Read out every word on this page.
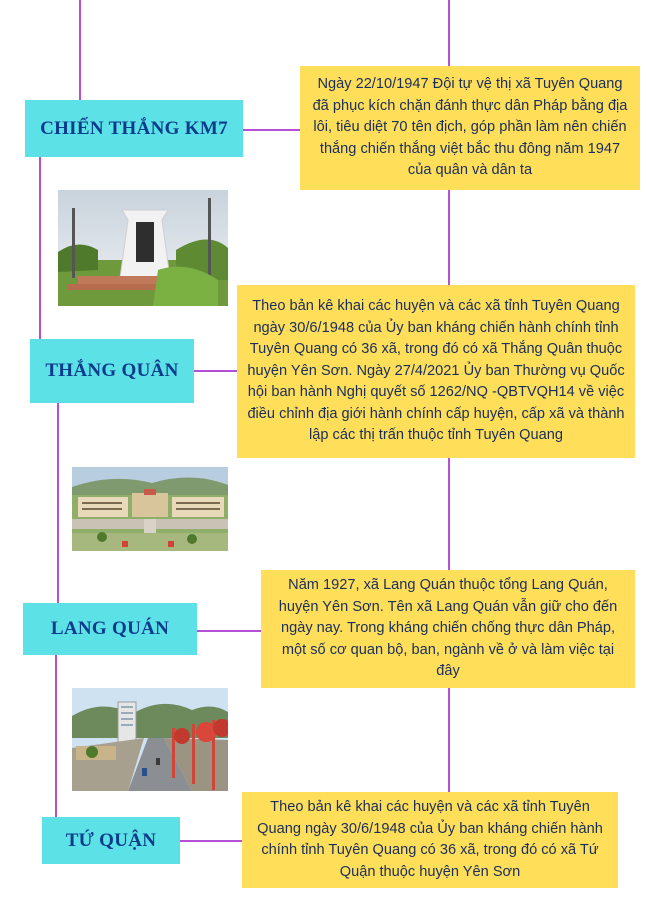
Ngày 22/10/1947 Đội tự vệ thị xã Tuyên Quang đã phục kích chặn đánh thực dân Pháp bằng địa lôi, tiêu diệt 70 tên địch, góp phần làm nên chiến thắng chiến thắng việt bắc thu đông năm 1947 của quân và dân ta
CHIẾN THẮNG KM7
Theo bản kê khai các huyện và các xã tỉnh Tuyên Quang ngày 30/6/1948 của Ủy ban kháng chiến hành chính tỉnh Tuyên Quang có 36 xã, trong đó có xã Thắng Quân thuộc huyện Yên Sơn. Ngày 27/4/2021 Ủy ban Thường vụ Quốc hội ban hành Nghị quyết số 1262/NQ -QBTVQH14 về việc điều chỉnh địa giới hành chính cấp huyện, cấp xã và thành lập các thị trấn thuộc tỉnh Tuyên Quang
THẮNG QUÂN
Năm 1927, xã Lang Quán thuộc tổng Lang Quán, huyện Yên Sơn. Tên xã Lang Quán vẫn giữ cho đến ngày nay. Trong kháng chiến chống thực dân Pháp, một số cơ quan bộ, ban, ngành về ở và làm việc tại đây
LANG QUÁN
Theo bản kê khai các huyện và các xã tỉnh Tuyên Quang ngày 30/6/1948 của Ủy ban kháng chiến hành chính tỉnh Tuyên Quang có 36 xã, trong đó có xã Tứ Quận thuộc huyện Yên Sơn
TỨ QUẬN
